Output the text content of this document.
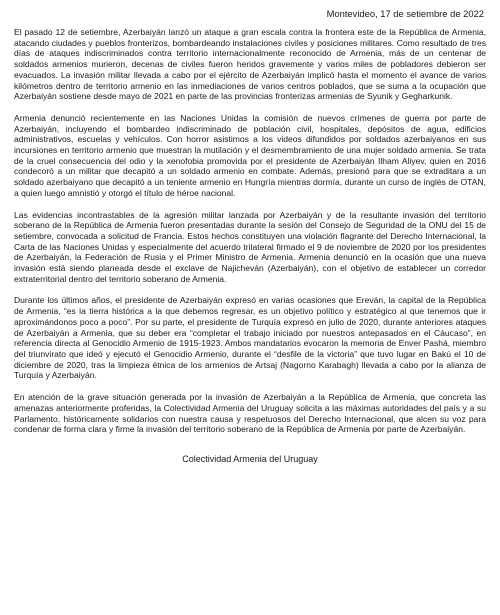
Montevideo, 17 de setiembre de 2022

El pasado 12 de setiembre, Azerbaiyán lanzó un ataque a gran escala contra la frontera este de la República de Armenia, atacando ciudades y pueblos fronterizos, bombardeando instalaciones civiles y posiciones militares. Como resultado de tres días de ataques indiscriminados contra territorio internacionalmente reconocido de Armenia, más de un centenar de soldados armenios murieron, decenas de civiles fueron heridos gravemente y varios miles de pobladores debieron ser evacuados. La invasión militar llevada a cabo por el ejército de Azerbaiyán implicó hasta el momento el avance de varios kilómetros dentro de territorio armenio en las inmediaciones de varios centros poblados, que se suma a la ocupación que Azerbaiyán sostiene desde mayo de 2021 en parte de las provincias fronterizas armenias de Syunik y Gegharkunik.

Armenia denunció recientemente en las Naciones Unidas la comisión de nuevos crímenes de guerra por parte de Azerbaiyán, incluyendo el bombardeo indiscriminado de población civil, hospitales, depósitos de agua, edificios administrativos, escuelas y vehículos. Con horror asistimos a los videos difundidos por soldados azerbaiyanos en sus incursiones en territorio armenio que muestran la mutilación y el desmembramiento de una mujer soldado armenia. Se trata de la cruel consecuencia del odio y la xenofobia promovida por el presidente de Azerbaiyán Ilham Aliyev, quien en 2016 condecoró a un militar que decapitó a un soldado armenio en combate. Además, presionó para que se extraditara a un soldado azerbaiyano que decapitó a un teniente armenio en Hungría mientras dormía, durante un curso de inglés de OTAN, a quien luego amnistió y otorgó el título de héroe nacional.

Las evidencias incontrastables de la agresión militar lanzada por Azerbaiyán y de la resultante invasión del territorio soberano de la República de Armenia fueron presentadas durante la sesión del Consejo de Seguridad de la ONU del 15 de setiembre, convocada a solicitud de Francia. Estos hechos constituyen una violación flagrante del Derecho Internacional, la Carta de las Naciones Unidas y especialmente del acuerdo trilateral firmado el 9 de noviembre de 2020 por los presidentes de Azerbaiyán, la Federación de Rusia y el Primer Ministro de Armenia. Armenia denunció en la ocasión que una nueva invasión está siendo planeada desde el exclave de Najicheván (Azerbaiyán), con el objetivo de establecer un corredor extraterritorial dentro del territorio soberano de Armenia.

Durante los últimos años, el presidente de Azerbaiyán expresó en varias ocasiones que Ereván, la capital de la República de Armenia, “es la tierra histórica a la que debemos regresar, es un objetivo político y estratégico al que tenemos que ir aproximándonos poco a poco”. Por su parte, el presidente de Turquía expresó en julio de 2020, durante anteriores ataques de Azerbaiyán a Armenia, que su deber era “completar el trabajo iniciado por nuestros antepasados en el Cáucaso”, en referencia directa al Genocidio Armenio de 1915-1923. Ambos mandatarios evocaron la memoria de Enver Pashá, miembro del triunvirato que ideó y ejecutó el Genocidio Armenio, durante el “desfile de la victoria” que tuvo lugar en Bakú el 10 de diciembre de 2020, tras la limpieza étnica de los armenios de Artsaj (Nagorno Karabagh) llevada a cabo por la alianza de Turquía y Azerbaiyán.

En atención de la grave situación generada por la invasión de Azerbaiyán a la República de Armenia, que concreta las amenazas anteriormente proferidas, la Colectividad Armenia del Uruguay solicita a las máximas autoridades del país y a su Parlamento, históricamente solidarios con nuestra causa y respetuosos del Derecho Internacional, que alcen su voz para condenar de forma clara y firme la invasión del territorio soberano de la República de Armenia por parte de Azerbaiyán.

Colectividad Armenia del Uruguay
